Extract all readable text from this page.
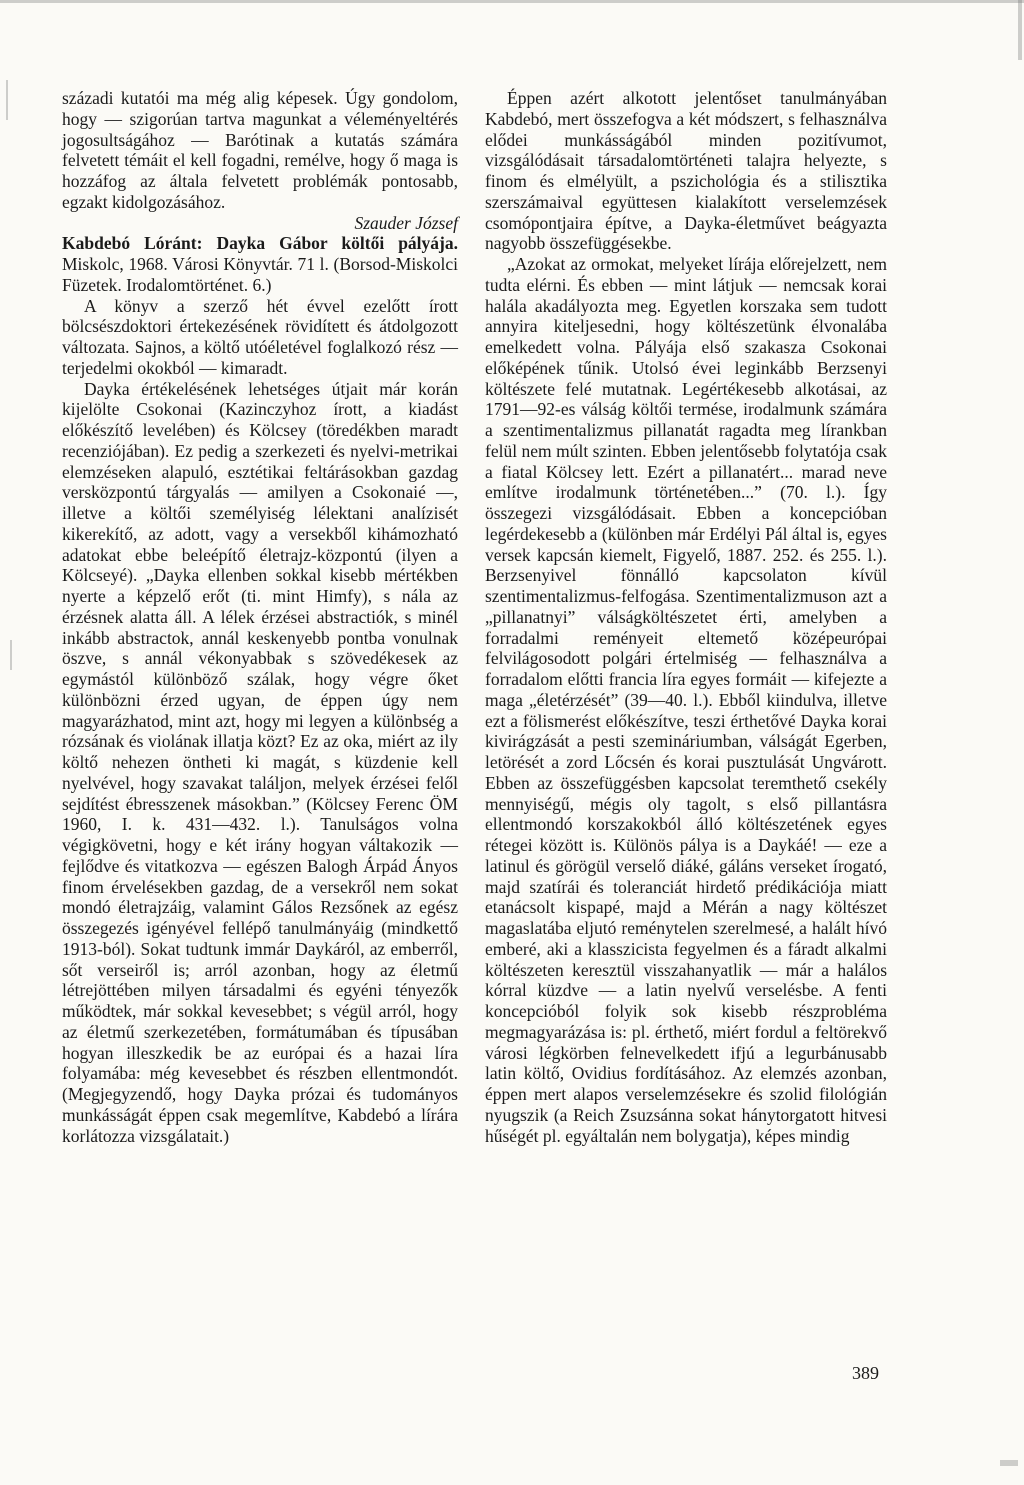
századi kutatói ma még alig képesek. Úgy gondolom, hogy — szigorúan tartva magunkat a véleményeltérés jogosultságához — Barótinak a kutatás számára felvetett témáit el kell fogadni, remélve, hogy ő maga is hozzáfog az általa felvetett problémák pontosabb, egzakt kidolgozásához.

Szauder József

Kabdebó Lóránt: Dayka Gábor költői pályája. Miskolc, 1968. Városi Könyvtár. 71 l. (Borsod-Miskolci Füzetek. Irodalomtörténet. 6.)

A könyv a szerző hét évvel ezelőtt írott bölcsészdoktori értekezésének rövidített és átdolgozott változata. Sajnos, a költő utóéletével foglalkozó rész — terjedelmi okokból — kimaradt.

Dayka értékelésének lehetséges útjait már korán kijelölte Csokonai (Kazinczyhoz írott, a kiadást előkészítő levelében) és Kölcsey (töredékben maradt recenziójában). Ez pedig a szerkezeti és nyelvi-metrikai elemzéseken alapuló, esztétikai feltárásokban gazdag versközpontú tárgyalás — amilyen a Csokonaié —, illetve a költői személyiség lélektani analízisét kikerekítő, az adott, vagy a versekből kihámozható adatokat ebbe beleépítő életrajz-központú (ilyen a Kölcseyé). „Dayka ellenben sokkal kisebb mértékben nyerte a képzelő erőt (ti. mint Himfy), s nála az érzésnek alatta áll. A lélek érzései abstractiók, s minél inkább abstractok, annál keskenyebb pontba vonulnak öszve, s annál vékonyabbak s szövedékesek az egymástól különböző szálak, hogy végre őket különbözni érzed ugyan, de éppen úgy nem magyarázhatod, mint azt, hogy mi legyen a különbség a rózsának és violának illatja közt? Ez az oka, miért az ily költő nehezen öntheti ki magát, s küzdenie kell nyelvével, hogy szavakat találjon, melyek érzései felől sejdítést ébresszenek másokban.” (Kölcsey Ferenc ÖM 1960, I. k. 431—432. l.). Tanulságos volna végigkövetni, hogy e két irány hogyan váltakozik — fejlődve és vitatkozva — egészen Balogh Árpád Ányos finom érvelésekben gazdag, de a versekről nem sokat mondó életrajzáig, valamint Gálos Rezsőnek az egész összegezés igényével fellépő tanulmányáig (mindkettő 1913-ból). Sokat tudtunk immár Daykáról, az emberről, sőt verseiről is; arról azonban, hogy az életmű létrejöttében milyen társadalmi és egyéni tényezők működtek, már sokkal kevesebbet; s végül arról, hogy az életmű szerkezetében, formátumában és típusában hogyan illeszkedik be az európai és a hazai líra folyamába: még kevesebbet és részben ellentmondót. (Megjegyzendő, hogy Dayka prózai és tudományos munkásságát éppen csak megemlítve, Kabdebó a lírára korlátozza vizsgálatait.)

Éppen azért alkotott jelentőset tanulmányában Kabdebó, mert összefogva a két módszert, s felhasználva elődei munkásságából minden pozitívumot, vizsgálódásait társadalomtörténeti talajra helyezte, s finom és elmélyült, a pszichológia és a stilisztika szerszámaival együttesen kialakított verselemzések csomópontjaira építve, a Dayka-életművet beágyazta nagyobb összefüggésekbe.

„Azokat az ormokat, melyeket lírája előrejelzett, nem tudta elérni. És ebben — mint látjuk — nemcsak korai halála akadályozta meg. Egyetlen korszaka sem tudott annyira kiteljesedni, hogy költészetünk élvonalába emelkedett volna. Pályája első szakasza Csokonai előképének tűnik. Utolsó évei leginkább Berzsenyi költészete felé mutatnak. Legértékesebb alkotásai, az 1791—92-es válság költői termése, irodalmunk számára a szentimentalizmus pillanatát ragadta meg lírankban felül nem múlt szinten. Ebben jelentősebb folytatója csak a fiatal Kölcsey lett. Ezért a pillanatért... marad neve említve irodalmunk történetében...” (70. l.). Így összegezi vizsgálódásait. Ebben a koncepcióban legérdekesebb a (különben már Erdélyi Pál által is, egyes versek kapcsán kiemelt, Figyelő, 1887. 252. és 255. l.). Berzsenyivel fönnálló kapcsolaton kívül szentimentalizmus-felfogása. Szentimentalizmuson azt a „pillanatnyi” válságköltészetet érti, amelyben a forradalmi reményeit eltemető középeurópai felvilágosodott polgári értelmiség — felhasználva a forradalom előtti francia líra egyes formáit — kifejezte a maga „életérzését” (39—40. l.). Ebből kiindulva, illetve ezt a fölismerést előkészítve, teszi érthetővé Dayka korai kivirágzását a pesti szemináriumban, válságát Egerben, letörését a zord Lőcsén és korai pusztulását Ungvárott. Ebben az összefüggésben kapcsolat teremthető csekély mennyiségű, mégis oly tagolt, s első pillantásra ellentmondó korszakokból álló költészetének egyes rétegei között is. Különös pálya is a Daykáé! — eze a latinul és görögül verselő diáké, gáláns verseket írogató, majd szatírái és toleranciát hirdető prédikációja miatt etanácsolt kispapé, majd a Mérán a nagy költészet magaslatába eljutó reménytelen szerelmesé, a halált hívó emberé, aki a klasszicista fegyelmen és a fáradt alkalmi költészeten keresztül visszahanyatlik — már a halálos kórral küzdve — a latin nyelvű verselésbe. A fenti koncepcióból folyik sok kisebb részprobléma megmagyarázása is: pl. érthető, miért fordul a feltörekvő városi légkörben felnevelkedett ifjú a legurbánusabb latin költő, Ovidius fordításához. Az elemzés azonban, éppen mert alapos verselemzésekre és szolid filológián nyugszik (a Reich Zsuzsánna sokat hánytorgatott hitvesi hűségét pl. egyáltalán nem bolygatja), képes mindig

389
